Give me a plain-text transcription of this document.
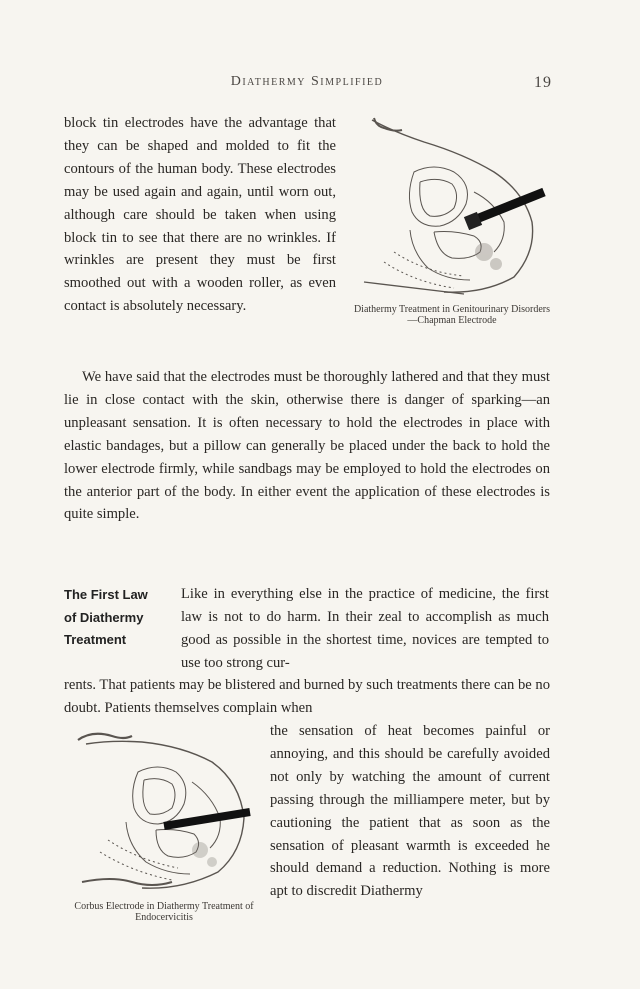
Diathermy Simplified	19

block tin electrodes have the advantage that they can be shaped and molded to fit the contours of the human body. These electrodes may be used again and again, until worn out, although care should be taken when using block tin to see that there are no wrinkles. If wrinkles are present they must be first smoothed out with a wooden roller, as even contact is absolutely necessary.	Diathermy Treatment in Genitourinary Disorders—Chapman Electrode

We have said that the electrodes must be thoroughly lathered and that they must lie in close contact with the skin, otherwise there is danger of sparking—an unpleasant sensation. It is often necessary to hold the electrodes in place with elastic bandages, but a pillow can generally be placed under the back to hold the lower electrode firmly, while sandbags may be employed to hold the electrodes on the anterior part of the body. In either event the application of these electrodes is quite simple.

The First Law
of Diathermy
Treatment

Like in everything else in the practice of medicine, the first law is not to do harm. In their zeal to accomplish as much good as possible in the shortest time, novices are tempted to use too strong cur-

rents. That patients may be blistered and burned by such treatments there can be no doubt. Patients themselves complain when

the sensation of heat becomes painful or annoying, and this should be carefully avoided not only by watching the amount of current passing through the milliampere meter, but by cautioning the patient that as soon as the sensation of pleasant warmth is exceeded he should demand a reduction. Nothing is more apt to discredit Diathermy

Corbus Electrode in Diathermy Treatment of Endocervicitis
